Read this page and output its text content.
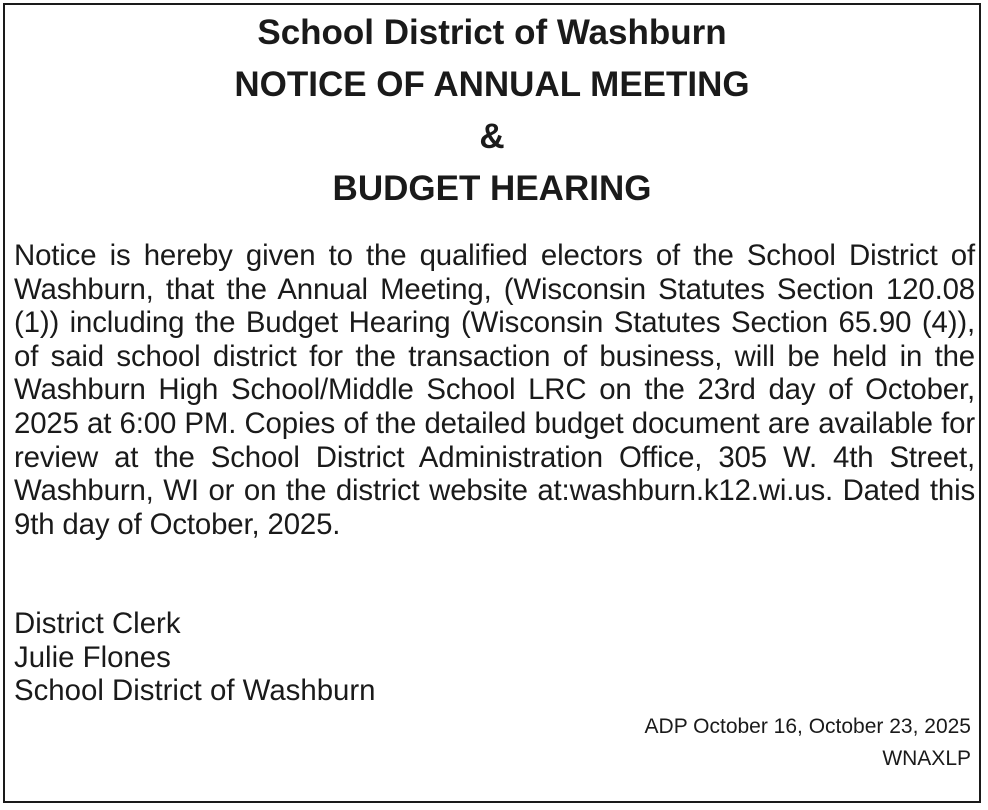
School District of Washburn
NOTICE OF ANNUAL MEETING
&
BUDGET HEARING
Notice is hereby given to the qualified electors of the School District of Washburn, that the Annual Meeting, (Wisconsin Statutes Section 120.08 (1)) including the Budget Hearing (Wisconsin Statutes Section 65.90 (4)), of said school district for the transaction of business, will be held in the Washburn High School/Middle School LRC on the 23rd day of October, 2025 at 6:00 PM. Copies of the detailed budget document are available for review at the School District Administration Office, 305 W. 4th Street, Washburn, WI or on the district website at:washburn.k12.wi.us. Dated this 9th day of October, 2025.
District Clerk
Julie Flones
School District of Washburn
ADP October 16, October 23, 2025
WNAXLP
